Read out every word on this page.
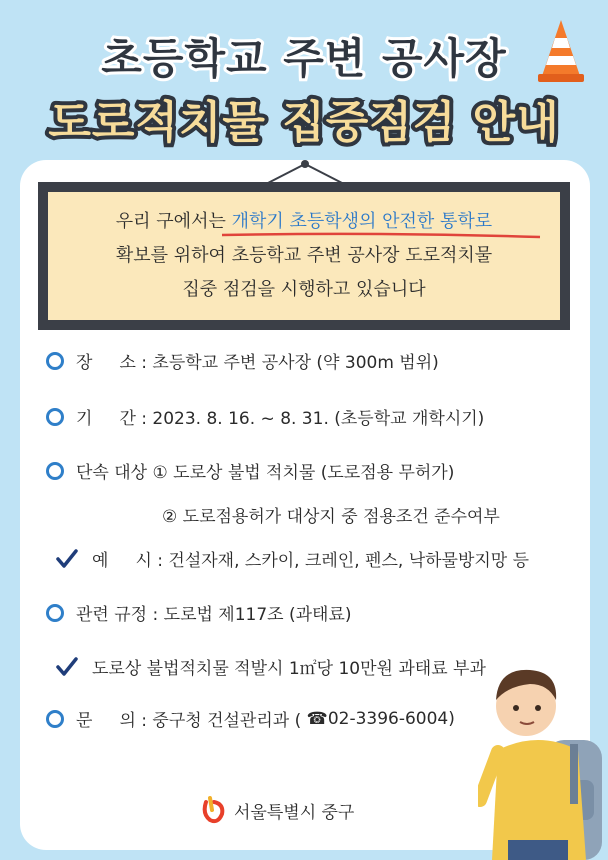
초등학교 주변 공사장
도로적치물 집중점검 안내
우리 구에서는 개학기 초등학생의 안전한 통학로
확보를 위하여 초등학교 주변 공사장 도로적치물
집중 점검을 시행하고 있습니다
장     소 : 초등학교 주변 공사장 (약 300m 범위)
기     간 : 2023. 8. 16. ~ 8. 31. (초등학교 개학시기)
단속 대상 ① 도로상 불법 적치물 (도로점용 무허가)
② 도로점용허가 대상지 중 점용조건 준수여부
예     시 : 건설자재, 스카이, 크레인, 펜스, 낙하물방지망 등
관련 규정 : 도로법 제117조 (과태료)
도로상 불법적치물 적발시 1㎡당 10만원 과태료 부과
문     의 : 중구청 건설관리과 ( ☎02-3396-6004 )
서울특별시 중구
